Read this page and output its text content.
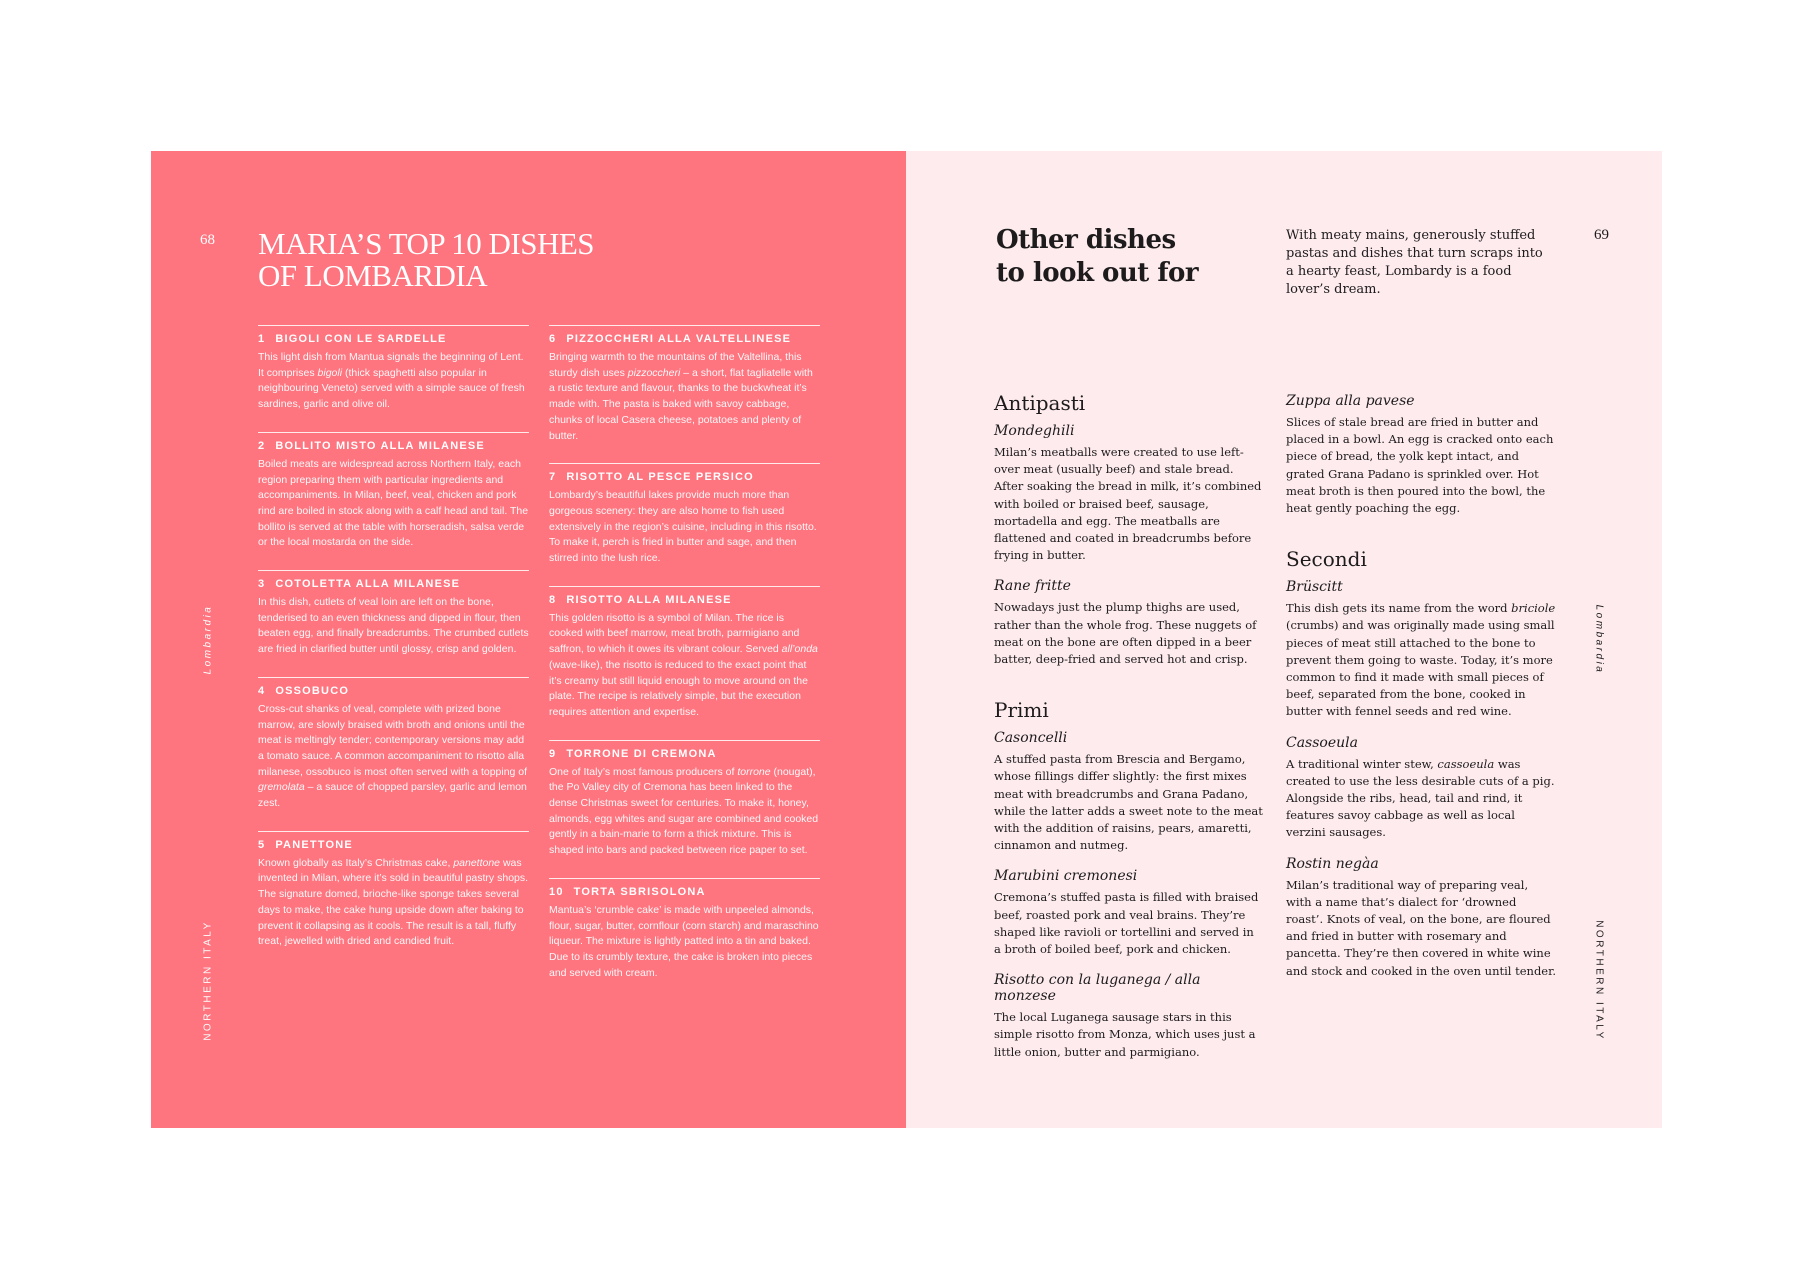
68 MARIA’S TOP 10 DISHES
OF LOMBARDIA
Lombardia
NORTHERN ITALY
1 BIGOLI CON LE SARDELLE
This light dish from Mantua signals the beginning of Lent. It comprises bigoli (thick spaghetti also popular in neighbouring Veneto) served with a simple sauce of fresh sardines, garlic and olive oil.
2 BOLLITO MISTO ALLA MILANESE
Boiled meats are widespread across Northern Italy, each region preparing them with particular ingredients and accompaniments. In Milan, beef, veal, chicken and pork rind are boiled in stock along with a calf head and tail. The bollito is served at the table with horseradish, salsa verde or the local mostarda on the side.
3 COTOLETTA ALLA MILANESE
In this dish, cutlets of veal loin are left on the bone, tenderised to an even thickness and dipped in flour, then beaten egg, and finally breadcrumbs. The crumbed cutlets are fried in clarified butter until glossy, crisp and golden.
4 OSSOBUCO
Cross-cut shanks of veal, complete with prized bone marrow, are slowly braised with broth and onions until the meat is meltingly tender; contemporary versions may add a tomato sauce. A common accompaniment to risotto alla milanese, ossobuco is most often served with a topping of gremolata – a sauce of chopped parsley, garlic and lemon zest.
5 PANETTONE
Known globally as Italy’s Christmas cake, panettone was invented in Milan, where it’s sold in beautiful pastry shops. The signature domed, brioche-like sponge takes several days to make, the cake hung upside down after baking to prevent it collapsing as it cools. The result is a tall, fluffy treat, jewelled with dried and candied fruit.
6 PIZZOCCHERI ALLA VALTELLINESE
Bringing warmth to the mountains of the Valtellina, this sturdy dish uses pizzoccheri – a short, flat tagliatelle with a rustic texture and flavour, thanks to the buckwheat it’s made with. The pasta is baked with savoy cabbage, chunks of local Casera cheese, potatoes and plenty of butter.
7 RISOTTO AL PESCE PERSICO
Lombardy’s beautiful lakes provide much more than gorgeous scenery: they are also home to fish used extensively in the region’s cuisine, including in this risotto. To make it, perch is fried in butter and sage, and then stirred into the lush rice.
8 RISOTTO ALLA MILANESE
This golden risotto is a symbol of Milan. The rice is cooked with beef marrow, meat broth, parmigiano and saffron, to which it owes its vibrant colour. Served all’onda (wave-like), the risotto is reduced to the exact point that it’s creamy but still liquid enough to move around on the plate. The recipe is relatively simple, but the execution requires attention and expertise.
9 TORRONE DI CREMONA
One of Italy’s most famous producers of torrone (nougat), the Po Valley city of Cremona has been linked to the dense Christmas sweet for centuries. To make it, honey, almonds, egg whites and sugar are combined and cooked gently in a bain-marie to form a thick mixture. This is shaped into bars and packed between rice paper to set.
10 TORTA SBRISOLONA
Mantua’s ‘crumble cake’ is made with unpeeled almonds, flour, sugar, butter, cornflour (corn starch) and maraschino liqueur. The mixture is lightly patted into a tin and baked. Due to its crumbly texture, the cake is broken into pieces and served with cream.
Other dishes
to look out for
With meaty mains, generously stuffed pastas and dishes that turn scraps into a hearty feast, Lombardy is a food lover’s dream.
69
Lombardia
NORTHERN ITALY
Antipasti
Mondeghili
Milan’s meatballs were created to use left-over meat (usually beef) and stale bread. After soaking the bread in milk, it’s combined with boiled or braised beef, sausage, mortadella and egg. The meatballs are flattened and coated in breadcrumbs before frying in butter.
Rane fritte
Nowadays just the plump thighs are used, rather than the whole frog. These nuggets of meat on the bone are often dipped in a beer batter, deep-fried and served hot and crisp.
Primi
Casoncelli
A stuffed pasta from Brescia and Bergamo, whose fillings differ slightly: the first mixes meat with breadcrumbs and Grana Padano, while the latter adds a sweet note to the meat with the addition of raisins, pears, amaretti, cinnamon and nutmeg.
Marubini cremonesi
Cremona’s stuffed pasta is filled with braised beef, roasted pork and veal brains. They’re shaped like ravioli or tortellini and served in a broth of boiled beef, pork and chicken.
Risotto con la luganega / alla monzese
The local Luganega sausage stars in this simple risotto from Monza, which uses just a little onion, butter and parmigiano.
Zuppa alla pavese
Slices of stale bread are fried in butter and placed in a bowl. An egg is cracked onto each piece of bread, the yolk kept intact, and grated Grana Padano is sprinkled over. Hot meat broth is then poured into the bowl, the heat gently poaching the egg.
Secondi
Brüscitt
This dish gets its name from the word briciole (crumbs) and was originally made using small pieces of meat still attached to the bone to prevent them going to waste. Today, it’s more common to find it made with small pieces of beef, separated from the bone, cooked in butter with fennel seeds and red wine.
Cassoeula
A traditional winter stew, cassoeula was created to use the less desirable cuts of a pig. Alongside the ribs, head, tail and rind, it features savoy cabbage as well as local verzini sausages.
Rostin negàa
Milan’s traditional way of preparing veal, with a name that’s dialect for ‘drowned roast’. Knots of veal, on the bone, are floured and fried in butter with rosemary and pancetta. They’re then covered in white wine and stock and cooked in the oven until tender.
